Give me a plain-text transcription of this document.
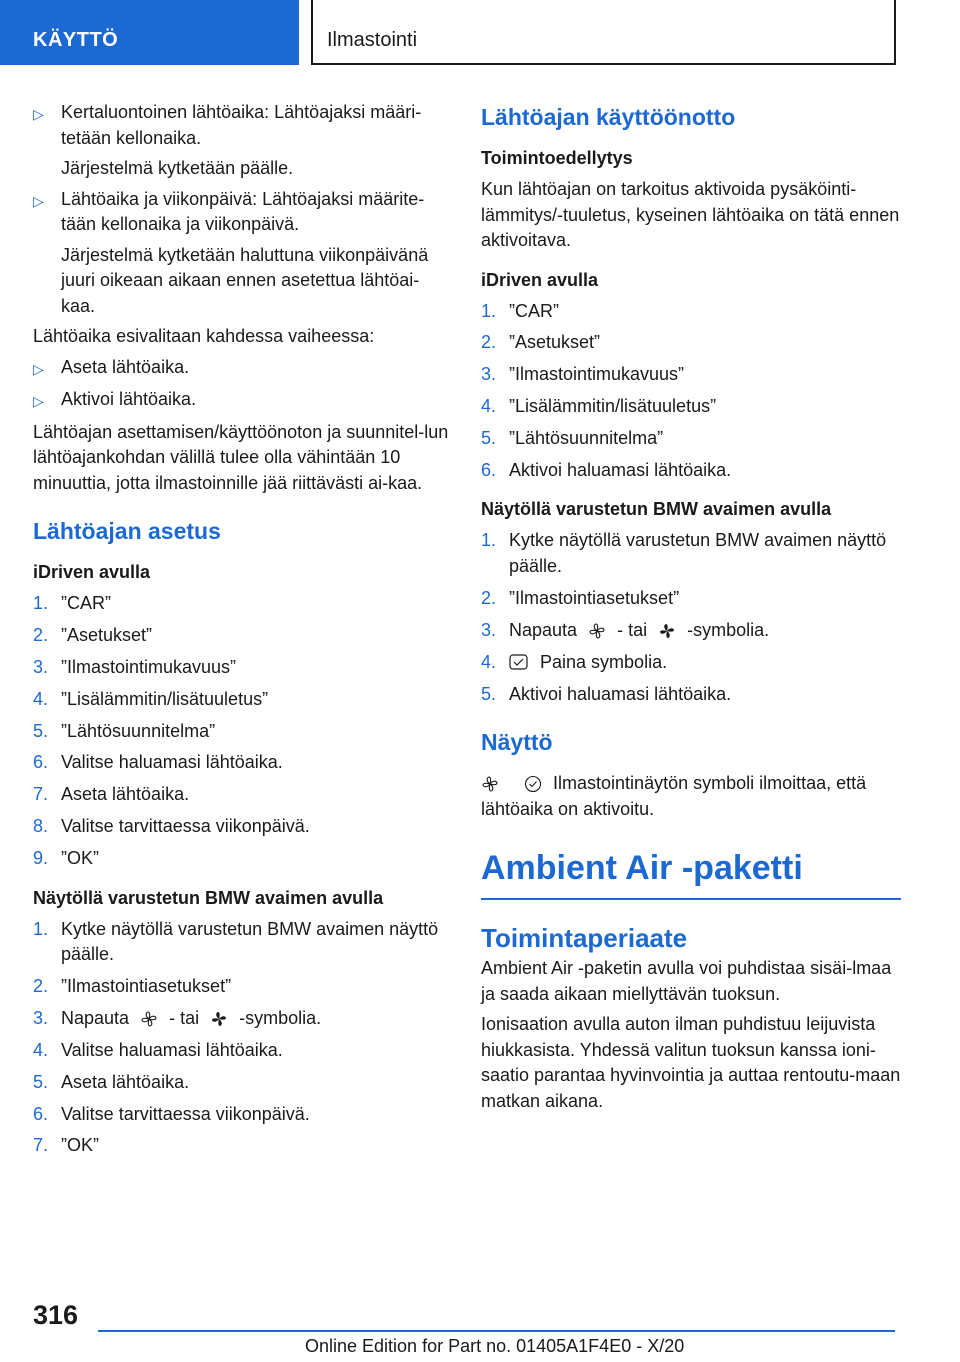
KÄYTTÖ	Ilmastointi
▷ Kertaluontoinen lähtöaika: Lähtöajaksi määri-tetään kellonaika.
Järjestelmä kytketään päälle.
▷ Lähtöaika ja viikonpäivä: Lähtöajaksi määrite-tään kellonaika ja viikonpäivä.
Järjestelmä kytketään haluttuna viikonpäivänä juuri oikeaan aikaan ennen asetettua lähtöai-kaa.

Lähtöaika esivalitaan kahdessa vaiheessa:

▷ Aseta lähtöaika.
▷ Aktivoi lähtöaika.

Lähtöajan asettamisen/käyttöönoton ja suunnitel-lun lähtöajankohdan välillä tulee olla vähintään 10 minuuttia, jotta ilmastoinnille jää riittävästi ai-kaa.

Lähtöajan asetus
iDriven avulla
1. ”CAR”
2. ”Asetukset”
3. ”Ilmastointimukavuus”
4. ”Lisälämmitin/lisätuuletus”
5. ”Lähtösuunnitelma”
6. Valitse haluamasi lähtöaika.
7. Aseta lähtöaika.
8. Valitse tarvittaessa viikonpäivä.
9. ”OK”
Näytöllä varustetun BMW avaimen avulla
1. Kytke näytöllä varustetun BMW avaimen näyttö päälle.
2. ”Ilmastointiasetukset”
3. Napauta - tai -symbolia.
4. Valitse haluamasi lähtöaika.
5. Aseta lähtöaika.
6. Valitse tarvittaessa viikonpäivä.
7. ”OK”
Lähtöajan käyttöönotto
Toimintoedellytys

Kun lähtöajan on tarkoitus aktivoida pysäköinti-lämmitys/-tuuletus, kyseinen lähtöaika on tätä ennen aktivoitava.

iDriven avulla
1. ”CAR”
2. ”Asetukset”
3. ”Ilmastointimukavuus”
4. ”Lisälämmitin/lisätuuletus”
5. ”Lähtösuunnitelma”
6. Aktivoi haluamasi lähtöaika.
Näytöllä varustetun BMW avaimen avulla
1. Kytke näytöllä varustetun BMW avaimen näyttö päälle.
2. ”Ilmastointiasetukset”
3. Napauta - tai -symbolia.
4.	Paina symbolia.
5. Aktivoi haluamasi lähtöaika.
Näyttö

Ilmastointinäytön symboli ilmoittaa, että
lähtöaika on aktivoitu.

Ambient Air -paketti
Toimintaperiaate

Ambient Air -paketin avulla voi puhdistaa sisäi-lmaa ja saada aikaan miellyttävän tuoksun.

Ionisaation avulla auton ilman puhdistuu leijuvista hiukkasista. Yhdessä valitun tuoksun kanssa ioni-saatio parantaa hyvinvointia ja auttaa rentoutu-maan matkan aikana.

316
Online Edition for Part no. 01405A1F4E0 - X/20
